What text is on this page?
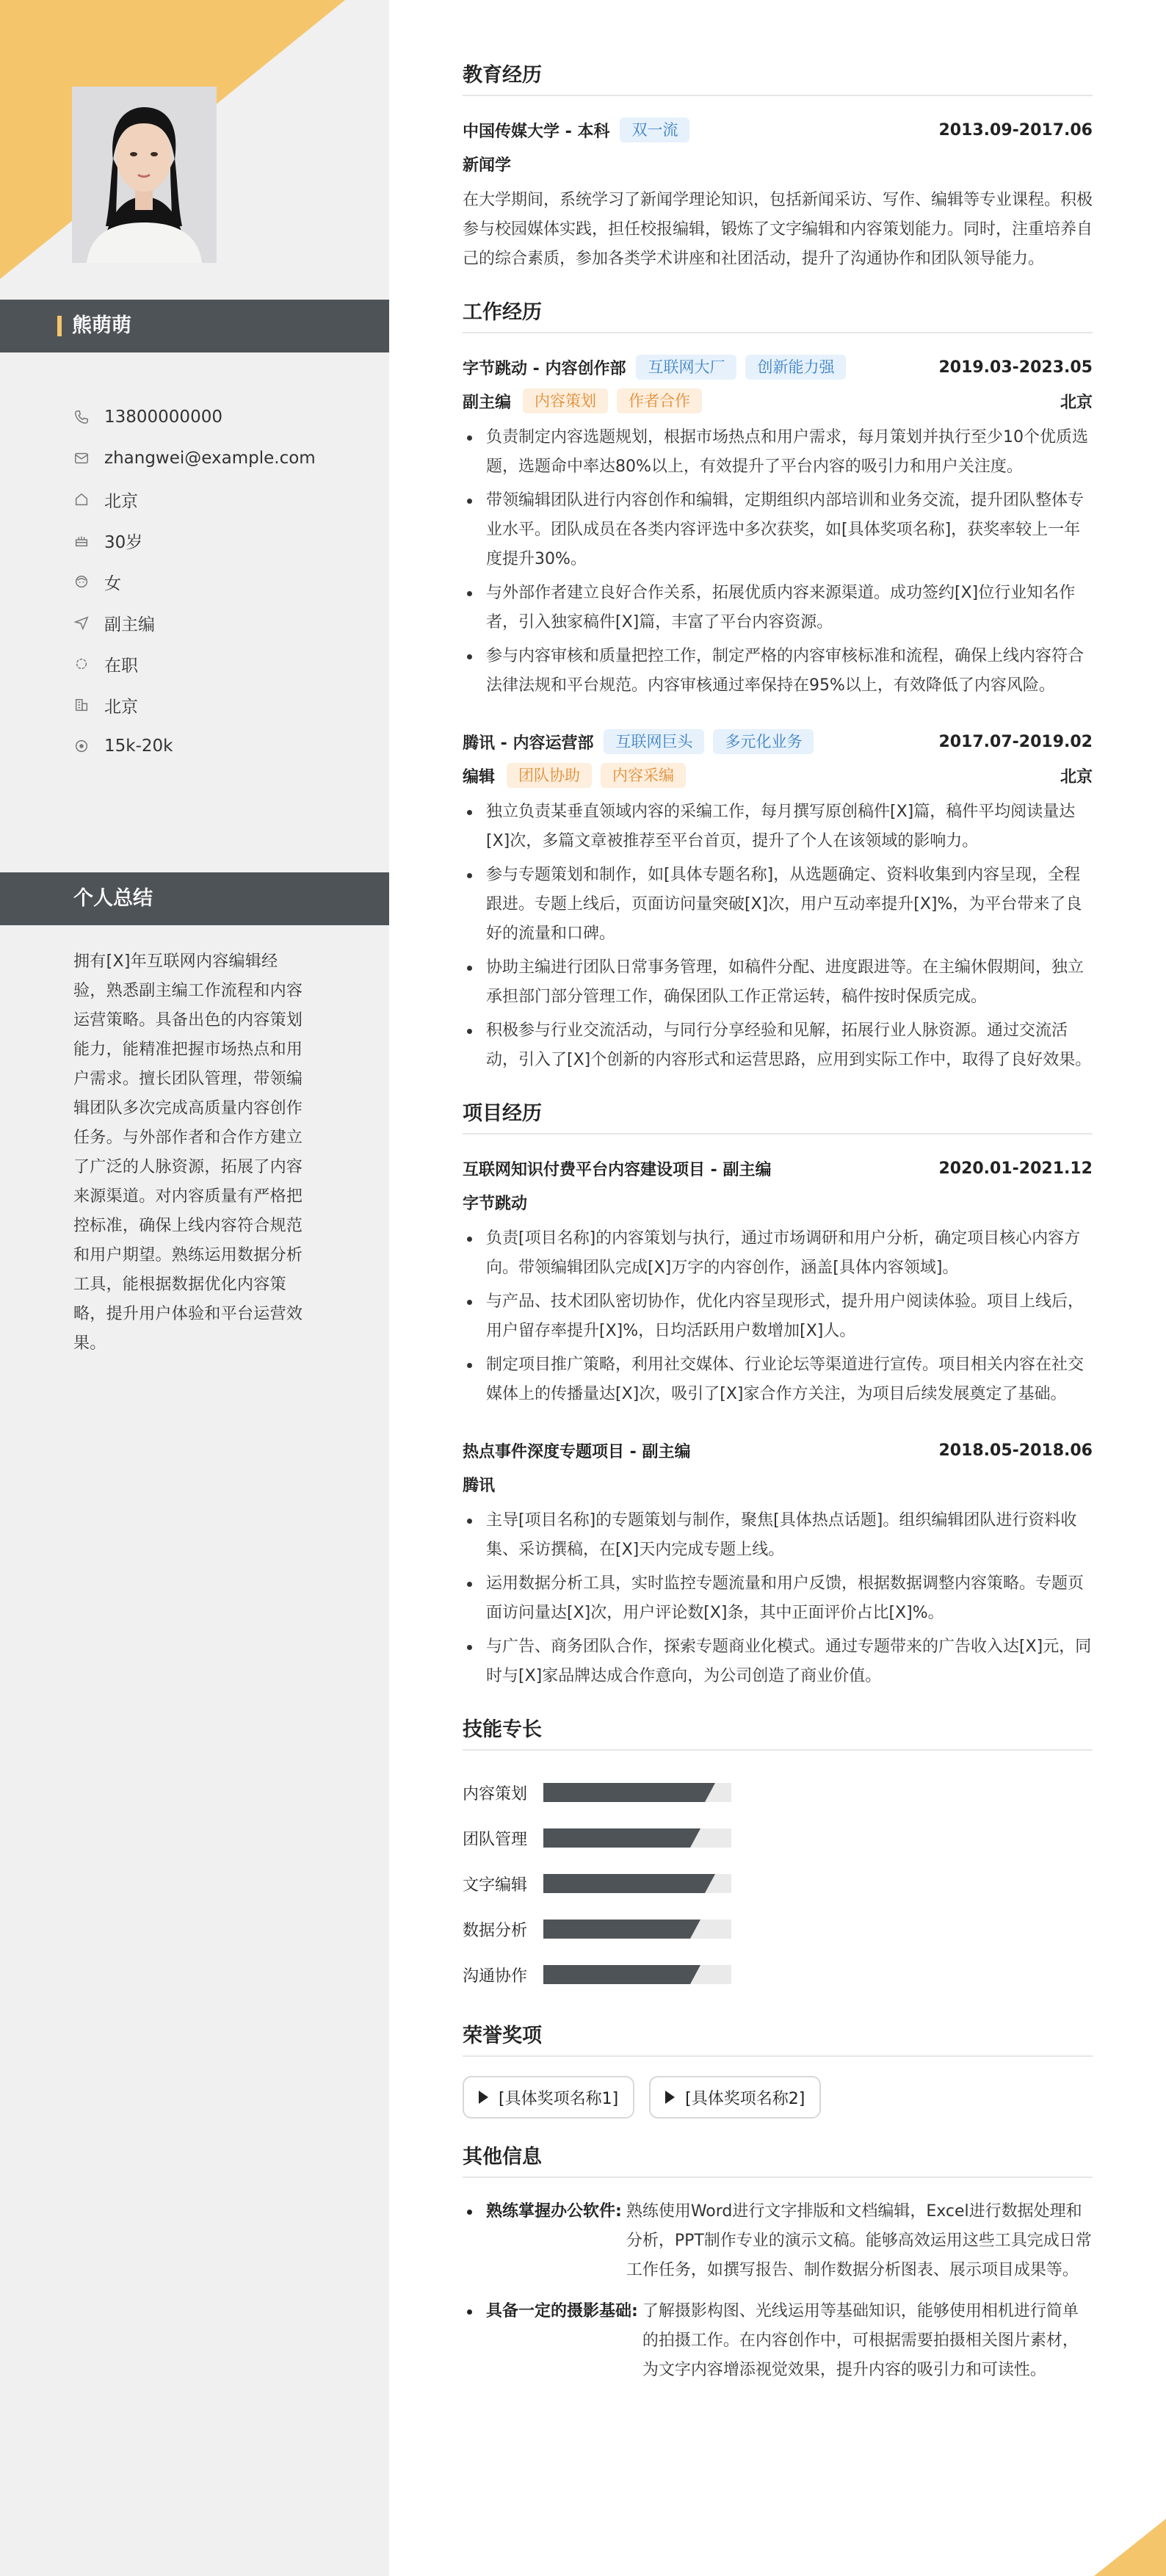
熊萌萌
13800000000
zhangwei@example.com
北京
30岁
女
副主编
在职
北京
15k-20k
个人总结
拥有[X]年互联网内容编辑经验，熟悉副主编工作流程和内容运营策略。具备出色的内容策划能力，能精准把握市场热点和用户需求。擅长团队管理，带领编辑团队多次完成高质量内容创作任务。与外部作者和合作方建立了广泛的人脉资源，拓展了内容来源渠道。对内容质量有严格把控标准，确保上线内容符合规范和用户期望。熟练运用数据分析工具，能根据数据优化内容策略，提升用户体验和平台运营效果。
教育经历
中国传媒大学 - 本科	双一流	2013.09-2017.06
新闻学
在大学期间，系统学习了新闻学理论知识，包括新闻采访、写作、编辑等专业课程。积极参与校园媒体实践，担任校报编辑，锻炼了文字编辑和内容策划能力。同时，注重培养自己的综合素质，参加各类学术讲座和社团活动，提升了沟通协作和团队领导能力。
工作经历
字节跳动 - 内容创作部	互联网大厂	创新能力强	2019.03-2023.05
副主编	内容策划	作者合作	北京
负责制定内容选题规划，根据市场热点和用户需求，每月策划并执行至少10个优质选题，选题命中率达80%以上，有效提升了平台内容的吸引力和用户关注度。
带领编辑团队进行内容创作和编辑，定期组织内部培训和业务交流，提升团队整体专业水平。团队成员在各类内容评选中多次获奖，如[具体奖项名称]，获奖率较上一年度提升30%。
与外部作者建立良好合作关系，拓展优质内容来源渠道。成功签约[X]位行业知名作者，引入独家稿件[X]篇，丰富了平台内容资源。
参与内容审核和质量把控工作，制定严格的内容审核标准和流程，确保上线内容符合法律法规和平台规范。内容审核通过率保持在95%以上，有效降低了内容风险。
腾讯 - 内容运营部	互联网巨头	多元化业务	2017.07-2019.02
编辑	团队协助	内容采编	北京
独立负责某垂直领域内容的采编工作，每月撰写原创稿件[X]篇，稿件平均阅读量达[X]次，多篇文章被推荐至平台首页，提升了个人在该领域的影响力。
参与专题策划和制作，如[具体专题名称]，从选题确定、资料收集到内容呈现，全程跟进。专题上线后，页面访问量突破[X]次，用户互动率提升[X]%，为平台带来了良好的流量和口碑。
协助主编进行团队日常事务管理，如稿件分配、进度跟进等。在主编休假期间，独立承担部门部分管理工作，确保团队工作正常运转，稿件按时保质完成。
积极参与行业交流活动，与同行分享经验和见解，拓展行业人脉资源。通过交流活动，引入了[X]个创新的内容形式和运营思路，应用到实际工作中，取得了良好效果。
项目经历
互联网知识付费平台内容建设项目 - 副主编	2020.01-2021.12
字节跳动
负责[项目名称]的内容策划与执行，通过市场调研和用户分析，确定项目核心内容方向。带领编辑团队完成[X]万字的内容创作，涵盖[具体内容领域]。
与产品、技术团队密切协作，优化内容呈现形式，提升用户阅读体验。项目上线后，用户留存率提升[X]%，日均活跃用户数增加[X]人。
制定项目推广策略，利用社交媒体、行业论坛等渠道进行宣传。项目相关内容在社交媒体上的传播量达[X]次，吸引了[X]家合作方关注，为项目后续发展奠定了基础。
热点事件深度专题项目 - 副主编	2018.05-2018.06
腾讯
主导[项目名称]的专题策划与制作，聚焦[具体热点话题]。组织编辑团队进行资料收集、采访撰稿，在[X]天内完成专题上线。
运用数据分析工具，实时监控专题流量和用户反馈，根据数据调整内容策略。专题页面访问量达[X]次，用户评论数[X]条，其中正面评价占比[X]%。
与广告、商务团队合作，探索专题商业化模式。通过专题带来的广告收入达[X]元，同时与[X]家品牌达成合作意向，为公司创造了商业价值。
技能专长
内容策划
团队管理
文字编辑
数据分析
沟通协作
荣誉奖项
[具体奖项名称1]	[具体奖项名称2]
其他信息
熟练掌握办公软件: 熟练使用Word进行文字排版和文档编辑，Excel进行数据处理和分析，PPT制作专业的演示文稿。能够高效运用这些工具完成日常工作任务，如撰写报告、制作数据分析图表、展示项目成果等。
具备一定的摄影基础: 了解摄影构图、光线运用等基础知识，能够使用相机进行简单的拍摄工作。在内容创作中，可根据需要拍摄相关图片素材，为文字内容增添视觉效果，提升内容的吸引力和可读性。
